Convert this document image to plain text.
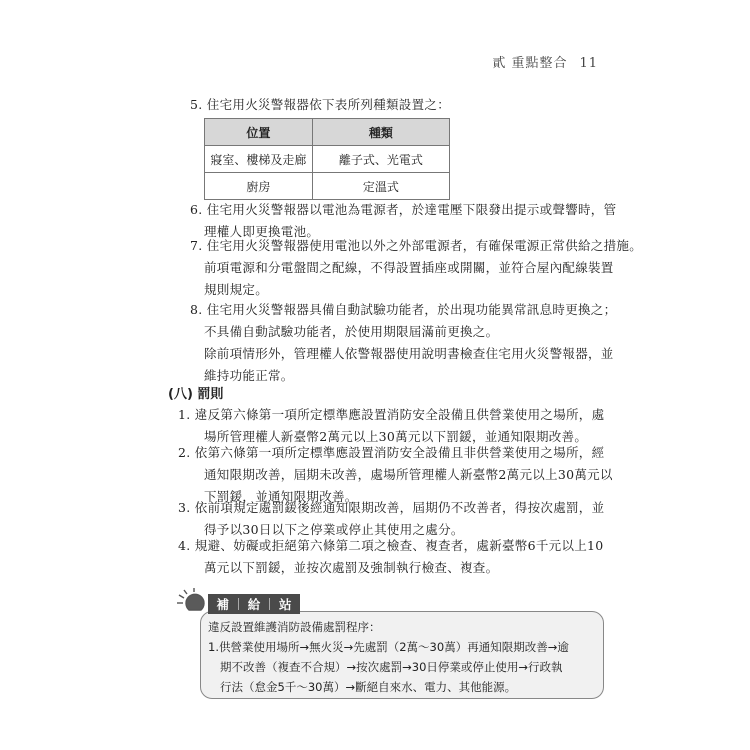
貳 重點整合 11
5. 住宅用火災警報器依下表所列種類設置之：
位置	種類
寢室、樓梯及走廊	離子式、光電式
廚房	定溫式
6. 住宅用火災警報器以電池為電源者，於達電壓下限發出提示或聲響時，管
理權人即更換電池。
7. 住宅用火災警報器使用電池以外之外部電源者，有確保電源正常供給之措施。
前項電源和分電盤間之配線，不得設置插座或開關，並符合屋內配線裝置
規則規定。
8. 住宅用火災警報器具備自動試驗功能者，於出現功能異常訊息時更換之；
不具備自動試驗功能者，於使用期限屆滿前更換之。
除前項情形外，管理權人依警報器使用說明書檢查住宅用火災警報器，並
維持功能正常。
(八) 罰則
1. 違反第六條第一項所定標準應設置消防安全設備且供營業使用之場所，處
場所管理權人新臺幣2萬元以上30萬元以下罰鍰，並通知限期改善。
2. 依第六條第一項所定標準應設置消防安全設備且非供營業使用之場所，經
通知限期改善，屆期未改善，處場所管理權人新臺幣2萬元以上30萬元以
下罰鍰，並通知限期改善。
3. 依前項規定處罰鍰後經通知限期改善，屆期仍不改善者，得按次處罰，並
得予以30日以下之停業或停止其使用之處分。
4. 規避、妨礙或拒絕第六條第二項之檢查、複查者，處新臺幣6千元以上10
萬元以下罰鍰，並按次處罰及強制執行檢查、複查。
補 給 站
違反設置維護消防設備處罰程序：
1.供營業使用場所→無火災→先處罰（2萬～30萬）再通知限期改善→逾
期不改善（複查不合規）→按次處罰→30日停業或停止使用→行政執
行法（怠金5千～30萬）→斷絕自來水、電力、其他能源。
